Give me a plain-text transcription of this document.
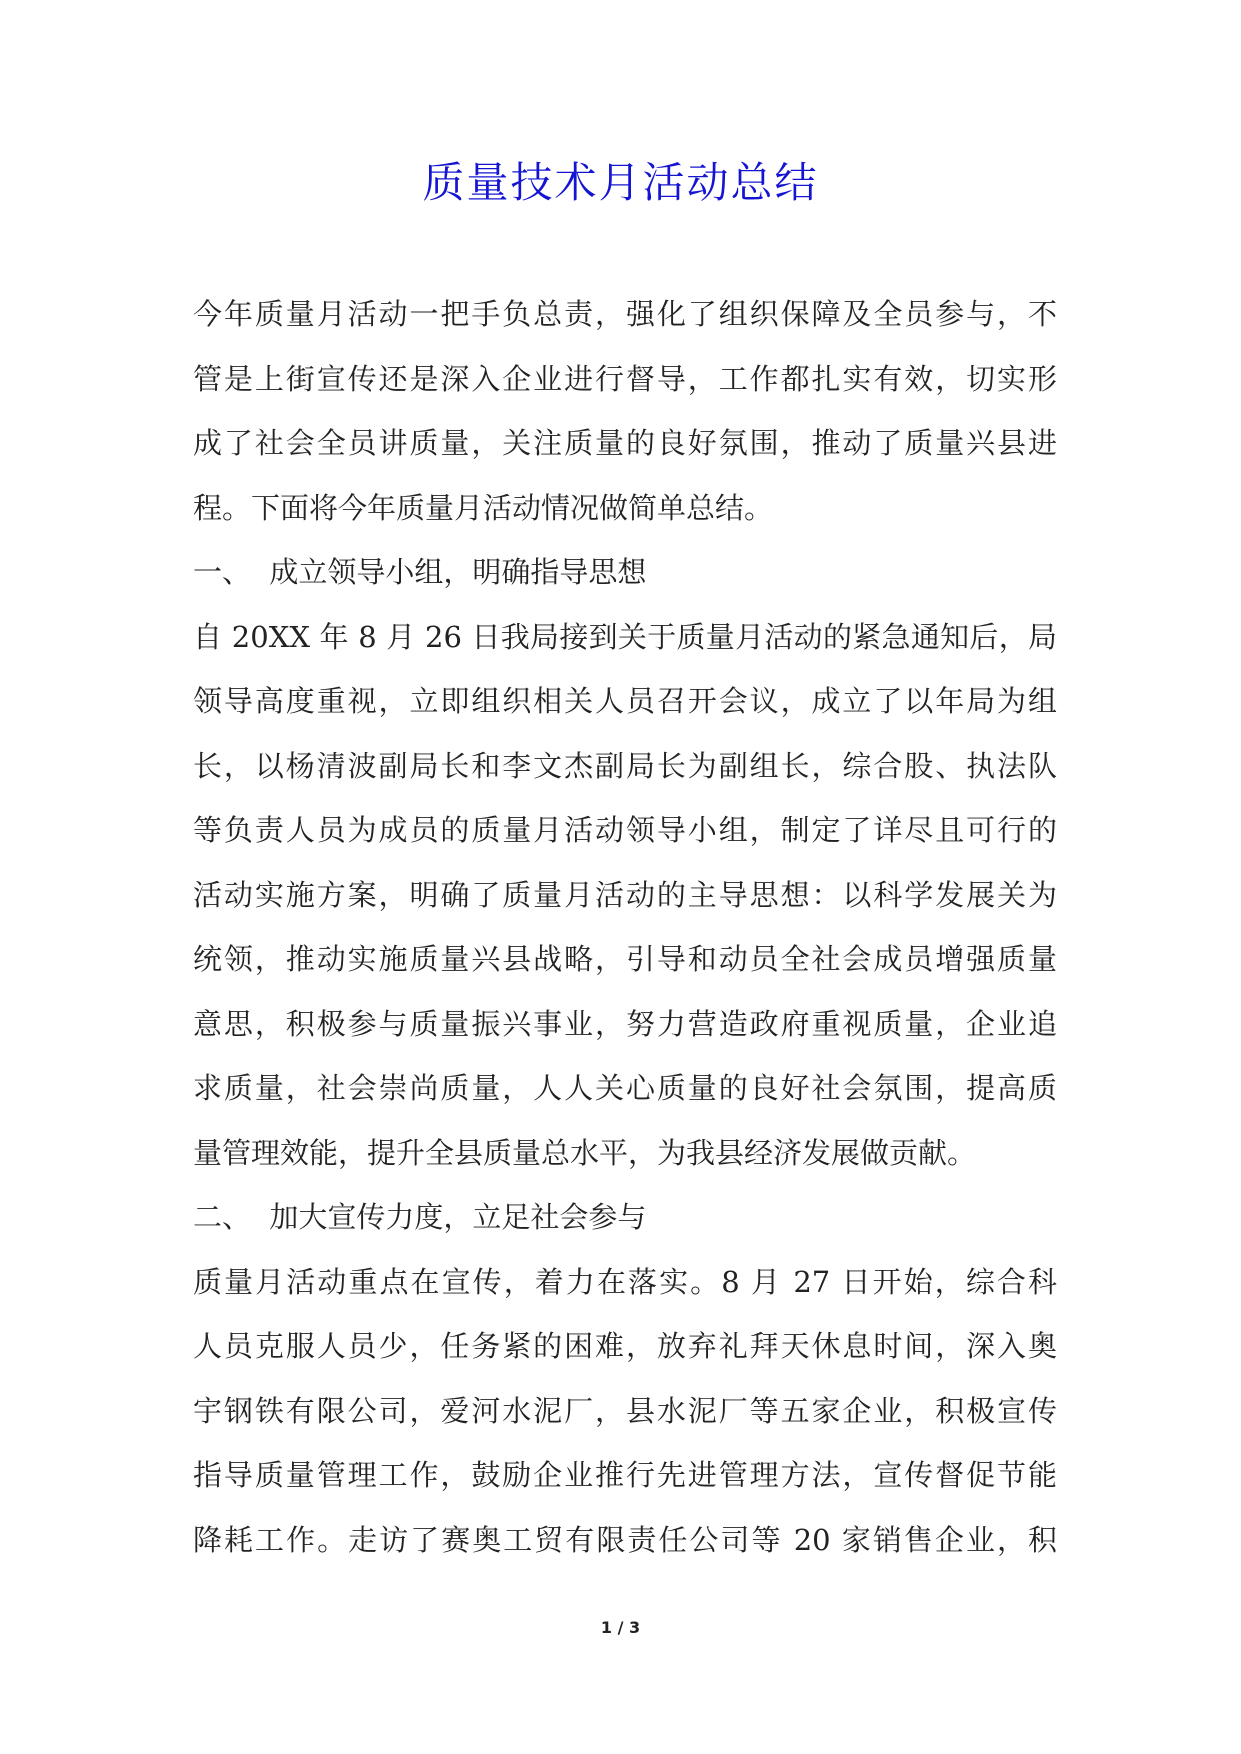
质量技术月活动总结
今年质量月活动一把手负总责，强化了组织保障及全员参与，不
管是上街宣传还是深入企业进行督导，工作都扎实有效，切实形
成了社会全员讲质量，关注质量的良好氛围，推动了质量兴县进
程。下面将今年质量月活动情况做简单总结。
一、  成立领导小组，明确指导思想
自 20XX 年 8 月 26 日我局接到关于质量月活动的紧急通知后，局
领导高度重视，立即组织相关人员召开会议，成立了以年局为组
长，以杨清波副局长和李文杰副局长为副组长，综合股、执法队
等负责人员为成员的质量月活动领导小组，制定了详尽且可行的
活动实施方案，明确了质量月活动的主导思想：以科学发展关为
统领，推动实施质量兴县战略，引导和动员全社会成员增强质量
意思，积极参与质量振兴事业，努力营造政府重视质量，企业追
求质量，社会崇尚质量，人人关心质量的良好社会氛围，提高质
量管理效能，提升全县质量总水平，为我县经济发展做贡献。
二、  加大宣传力度，立足社会参与
质量月活动重点在宣传，着力在落实。8 月 27 日开始，综合科
人员克服人员少，任务紧的困难，放弃礼拜天休息时间，深入奥
宇钢铁有限公司，爱河水泥厂，县水泥厂等五家企业，积极宣传
指导质量管理工作，鼓励企业推行先进管理方法，宣传督促节能
降耗工作。走访了赛奥工贸有限责任公司等 20 家销售企业，积
1 / 3
